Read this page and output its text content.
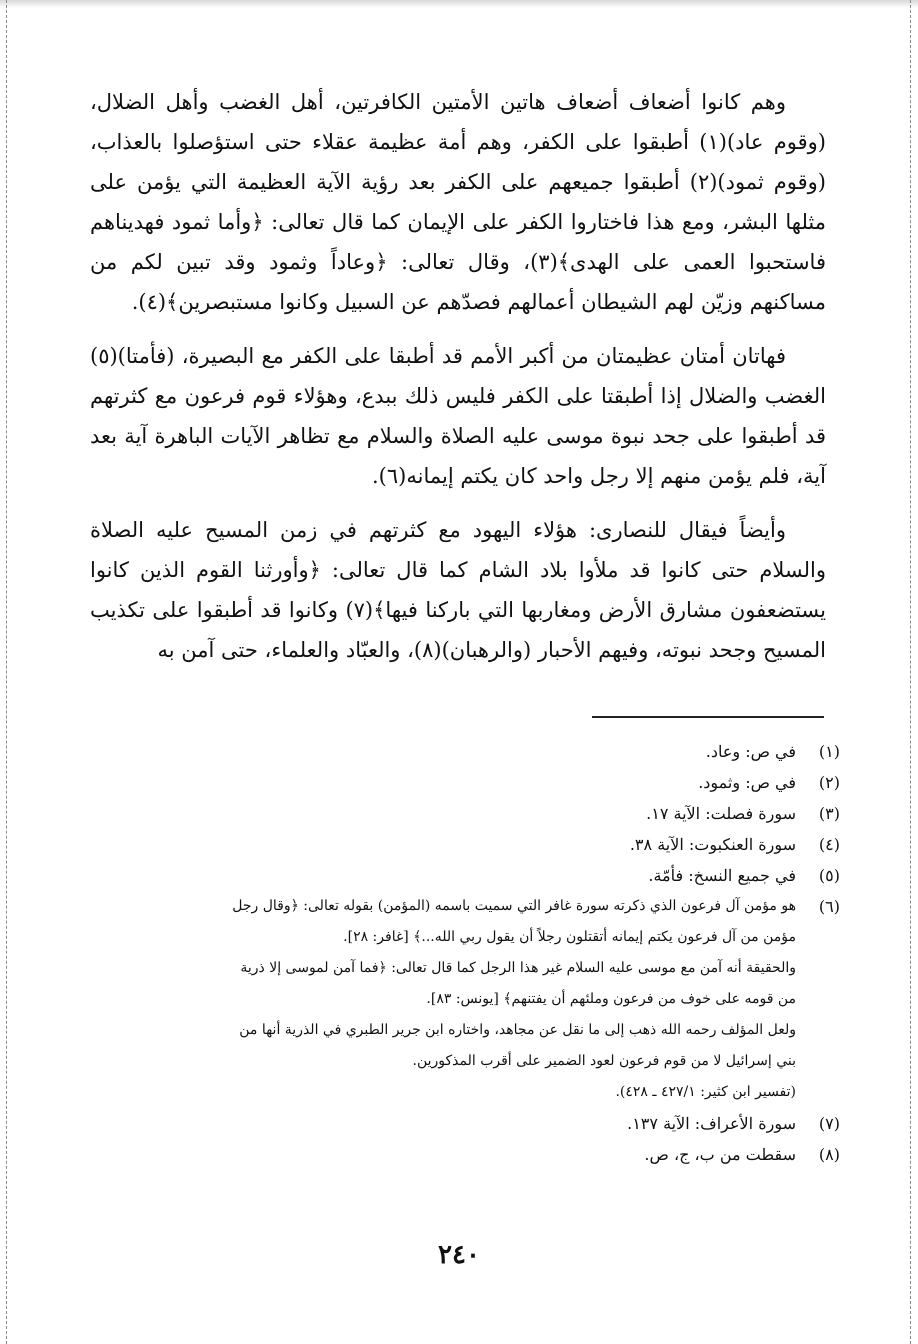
وهم كانوا أضعاف أضعاف هاتين الأمتين الكافرتين، أهل الغضب وأهل الضلال، (وقوم عاد)(١) أطبقوا على الكفر، وهم أمة عظيمة عقلاء حتى استؤصلوا بالعذاب، (وقوم ثمود)(٢) أطبقوا جميعهم على الكفر بعد رؤية الآية العظيمة التي يؤمن على مثلها البشر، ومع هذا فاختاروا الكفر على الإيمان كما قال تعالى: ﴿وأما ثمود فهديناهم فاستحبوا العمى على الهدى﴾(٣)، وقال تعالى: ﴿وعاداً وثمود وقد تبين لكم من مساكنهم وزيّن لهم الشيطان أعمالهم فصدّهم عن السبيل وكانوا مستبصرين﴾(٤).

فهاتان أمتان عظيمتان من أكبر الأمم قد أطبقا على الكفر مع البصيرة، (فأمتا)(٥) الغضب والضلال إذا أطبقتا على الكفر فليس ذلك ببدع، وهؤلاء قوم فرعون مع كثرتهم قد أطبقوا على جحد نبوة موسى عليه الصلاة والسلام مع تظاهر الآيات الباهرة آية بعد آية، فلم يؤمن منهم إلا رجل واحد كان يكتم إيمانه(٦).

وأيضاً فيقال للنصارى: هؤلاء اليهود مع كثرتهم في زمن المسيح عليه الصلاة والسلام حتى كانوا قد ملأوا بلاد الشام كما قال تعالى: ﴿وأورثنا القوم الذين كانوا يستضعفون مشارق الأرض ومغاربها التي باركنا فيها﴾(٧) وكانوا قد أطبقوا على تكذيب المسيح وجحد نبوته، وفيهم الأحبار (والرهبان)(٨)، والعبّاد والعلماء، حتى آمن به

(١)
في ص: وعاد.
(٢)
في ص: وثمود.
(٣)
سورة فصلت: الآية ١٧.
(٤)
سورة العنكبوت: الآية ٣٨.
(٥)
في جميع النسخ: فأمّة.
(٦)
هو مؤمن آل فرعون الذي ذكرته سورة غافر التي سميت باسمه (المؤمن) بقوله تعالى: ﴿وقال رجل
مؤمن من آل فرعون يكتم إيمانه أتقتلون رجلاً أن يقول ربي الله...﴾ [غافر: ٢٨].
والحقيقة أنه آمن مع موسى عليه السلام غير هذا الرجل كما قال تعالى: ﴿فما آمن لموسى إلا ذرية
من قومه على خوف من فرعون وملئهم أن يفتنهم﴾ [يونس: ٨٣].
ولعل المؤلف رحمه الله ذهب إلى ما نقل عن مجاهد، واختاره ابن جرير الطبري في الذرية أنها من
بني إسرائيل لا من قوم فرعون لعود الضمير على أقرب المذكورين.
(تفسير ابن كثير: ٤٢٧/١ ـ ٤٢٨).
(٧)
سورة الأعراف: الآية ١٣٧.
(٨)
سقطت من ب، ج، ص.
٢٤٠
